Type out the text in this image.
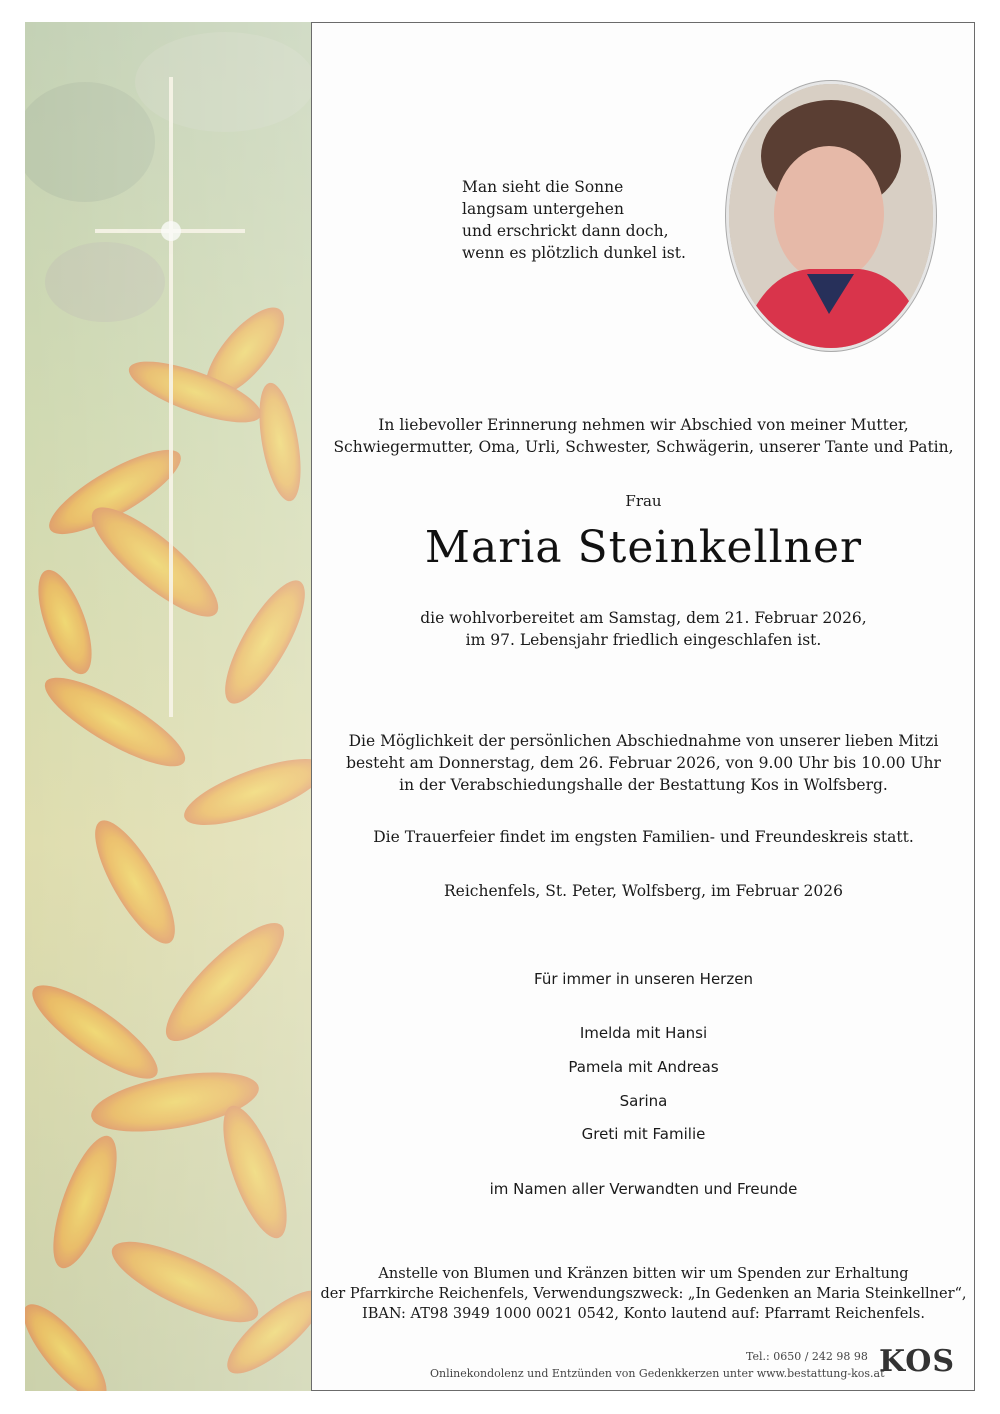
Man sieht die Sonne
langsam untergehen
und erschrickt dann doch,
wenn es plötzlich dunkel ist.
In liebevoller Erinnerung nehmen wir Abschied von meiner Mutter,
Schwiegermutter, Oma, Urli, Schwester, Schwägerin, unserer Tante und Patin,
Frau
Maria Steinkellner
die wohlvorbereitet am Samstag, dem 21. Februar 2026,
im 97. Lebensjahr friedlich eingeschlafen ist.
Die Möglichkeit der persönlichen Abschiednahme von unserer lieben Mitzi
besteht am Donnerstag, dem 26. Februar 2026, von 9.00 Uhr bis 10.00 Uhr
in der Verabschiedungshalle der Bestattung Kos in Wolfsberg.
Die Trauerfeier findet im engsten Familien- und Freundeskreis statt.
Reichenfels, St. Peter, Wolfsberg, im Februar 2026
Für immer in unseren Herzen
Imelda mit Hansi
Pamela mit Andreas
Sarina
Greti mit Familie
im Namen aller Verwandten und Freunde
Anstelle von Blumen und Kränzen bitten wir um Spenden zur Erhaltung
der Pfarrkirche Reichenfels, Verwendungszweck: „In Gedenken an Maria Steinkellner“,
IBAN: AT98 3949 1000 0021 0542, Konto lautend auf: Pfarramt Reichenfels.
Tel.: 0650 / 242 98 98
Onlinekondolenz und Entzünden von Gedenkkerzen unter www.bestattung-kos.at
KOS
